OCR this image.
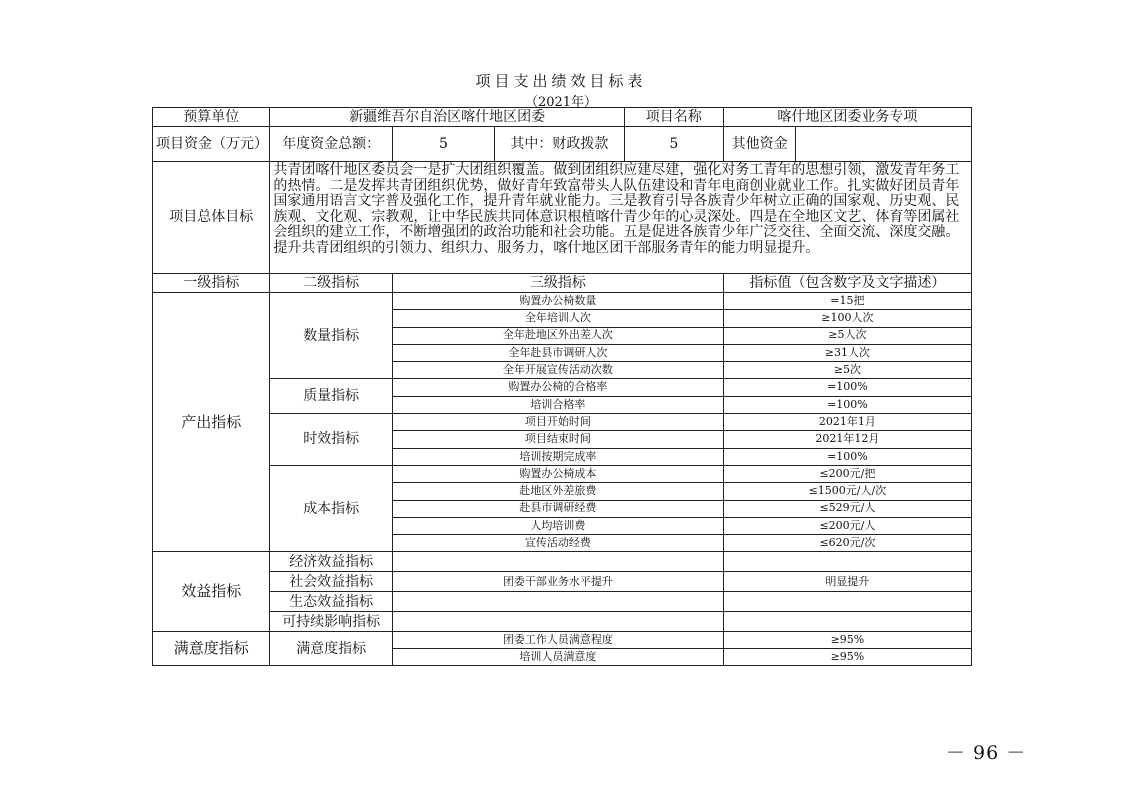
项目支出绩效目标表
（2021年）
预算单位	新疆维吾尔自治区喀什地区团委			项目名称	喀什地区团委业务专项	
项目资金（万元）	年度资金总额：	5	其中：财政拨款	5	其他资金	
项目总体目标	共青团喀什地区委员会一是扩大团组织覆盖。做到团组织应建尽建，强化对务工青年的思想引领，激发青年务工的热情。二是发挥共青团组织优势，做好青年致富带头人队伍建设和青年电商创业就业工作。扎实做好团员青年国家通用语言文字普及强化工作，提升青年就业能力。三是教育引导各族青少年树立正确的国家观、历史观、民族观、文化观、宗教观，让中华民族共同体意识根植喀什青少年的心灵深处。四是在全地区文艺、体育等团属社会组织的建立工作，不断增强团的政治功能和社会功能。五是促进各族青少年广泛交往、全面交流、深度交融。提升共青团组织的引领力、组织力、服务力，喀什地区团干部服务青年的能力明显提升。					
一级指标	二级指标	三级指标			指标值（包含数字及文字描述）	
产出指标	数量指标	购置办公椅数量			=15把	
		全年培训人次			≥100人次	
		全年赴地区外出差人次			≥5人次	
		全年赴县市调研人次			≥31人次	
		全年开展宣传活动次数			≥5次	
	质量指标	购置办公椅的合格率			=100%	
		培训合格率			=100%	
	时效指标	项目开始时间			2021年1月	
		项目结束时间			2021年12月	
		培训按期完成率			=100%	
	成本指标	购置办公椅成本			≤200元/把	
		赴地区外差旅费			≤1500元/人/次	
		赴县市调研经费			≤529元/人	
		人均培训费			≤200元/人	
		宣传活动经费			≤620元/次	
效益指标	经济效益指标					
	社会效益指标	团委干部业务水平提升			明显提升	
	生态效益指标					
	可持续影响指标					
满意度指标	满意度指标	团委工作人员满意程度			≥95%	
		培训人员满意度			≥95%	
－ 96 －
